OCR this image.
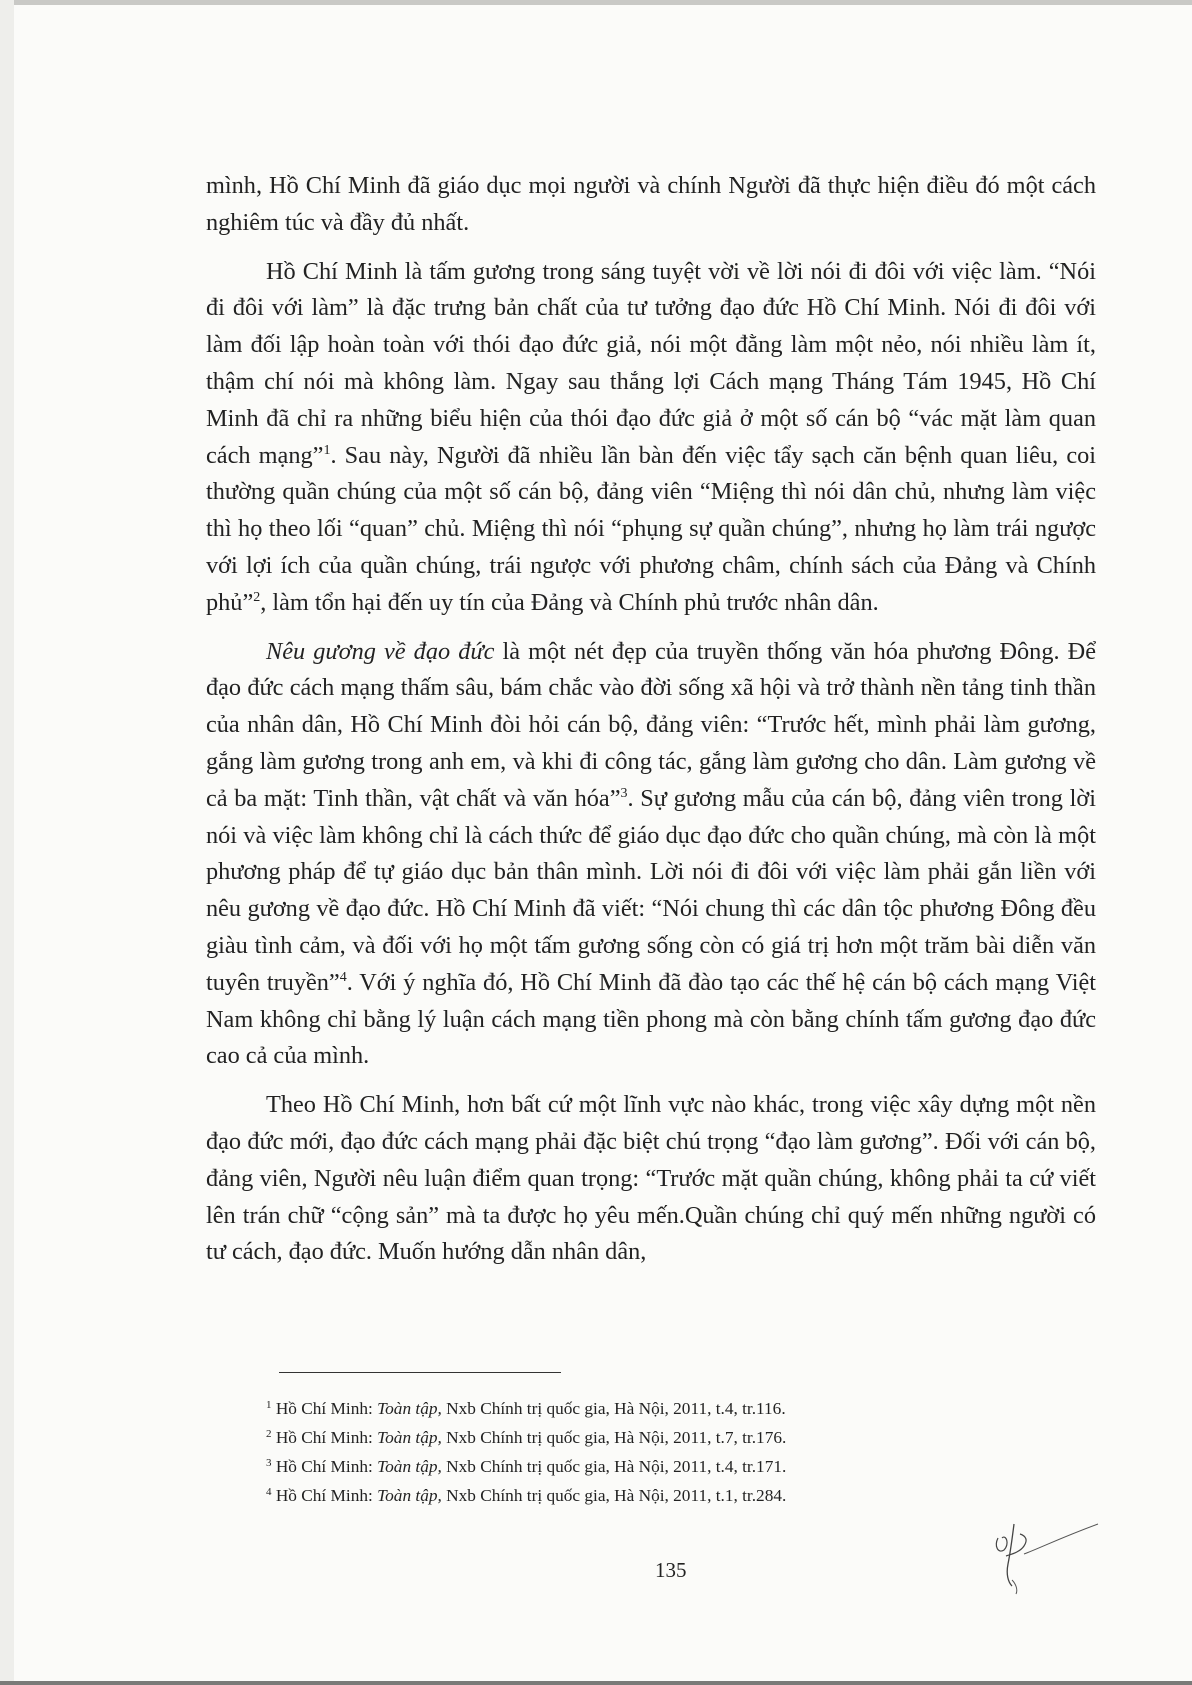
mình, Hồ Chí Minh đã giáo dục mọi người và chính Người đã thực hiện điều đó một cách nghiêm túc và đầy đủ nhất.

Hồ Chí Minh là tấm gương trong sáng tuyệt vời về lời nói đi đôi với việc làm. “Nói đi đôi với làm” là đặc trưng bản chất của tư tưởng đạo đức Hồ Chí Minh. Nói đi đôi với làm đối lập hoàn toàn với thói đạo đức giả, nói một đằng làm một nẻo, nói nhiều làm ít, thậm chí nói mà không làm. Ngay sau thắng lợi Cách mạng Tháng Tám 1945, Hồ Chí Minh đã chỉ ra những biểu hiện của thói đạo đức giả ở một số cán bộ “vác mặt làm quan cách mạng”$^1$. Sau này, Người đã nhiều lần bàn đến việc tẩy sạch căn bệnh quan liêu, coi thường quần chúng của một số cán bộ, đảng viên “Miệng thì nói dân chủ, nhưng làm việc thì họ theo lối “quan” chủ. Miệng thì nói “phụng sự quần chúng”, nhưng họ làm trái ngược với lợi ích của quần chúng, trái ngược với phương châm, chính sách của Đảng và Chính phủ”$^2$, làm tổn hại đến uy tín của Đảng và Chính phủ trước nhân dân.

Nêu gương về đạo đức là một nét đẹp của truyền thống văn hóa phương Đông. Để đạo đức cách mạng thấm sâu, bám chắc vào đời sống xã hội và trở thành nền tảng tinh thần của nhân dân, Hồ Chí Minh đòi hỏi cán bộ, đảng viên: “Trước hết, mình phải làm gương, gắng làm gương trong anh em, và khi đi công tác, gắng làm gương cho dân. Làm gương về cả ba mặt: Tinh thần, vật chất và văn hóa”$^3$. Sự gương mẫu của cán bộ, đảng viên trong lời nói và việc làm không chỉ là cách thức để giáo dục đạo đức cho quần chúng, mà còn là một phương pháp để tự giáo dục bản thân mình. Lời nói đi đôi với việc làm phải gắn liền với nêu gương về đạo đức. Hồ Chí Minh đã viết: “Nói chung thì các dân tộc phương Đông đều giàu tình cảm, và đối với họ một tấm gương sống còn có giá trị hơn một trăm bài diễn văn tuyên truyền”$^4$. Với ý nghĩa đó, Hồ Chí Minh đã đào tạo các thế hệ cán bộ cách mạng Việt Nam không chỉ bằng lý luận cách mạng tiền phong mà còn bằng chính tấm gương đạo đức cao cả của mình.

Theo Hồ Chí Minh, hơn bất cứ một lĩnh vực nào khác, trong việc xây dựng một nền đạo đức mới, đạo đức cách mạng phải đặc biệt chú trọng “đạo làm gương”. Đối với cán bộ, đảng viên, Người nêu luận điểm quan trọng: “Trước mặt quần chúng, không phải ta cứ viết lên trán chữ “cộng sản” mà ta được họ yêu mến.Quần chúng chỉ quý mến những người có tư cách, đạo đức. Muốn hướng dẫn nhân dân,

$^1$ Hồ Chí Minh: Toàn tập, Nxb Chính trị quốc gia, Hà Nội, 2011, t.4, tr.116.
$^2$ Hồ Chí Minh: Toàn tập, Nxb Chính trị quốc gia, Hà Nội, 2011, t.7, tr.176.
$^3$ Hồ Chí Minh: Toàn tập, Nxb Chính trị quốc gia, Hà Nội, 2011, t.4, tr.171.
$^4$ Hồ Chí Minh: Toàn tập, Nxb Chính trị quốc gia, Hà Nội, 2011, t.1, tr.284.
135
